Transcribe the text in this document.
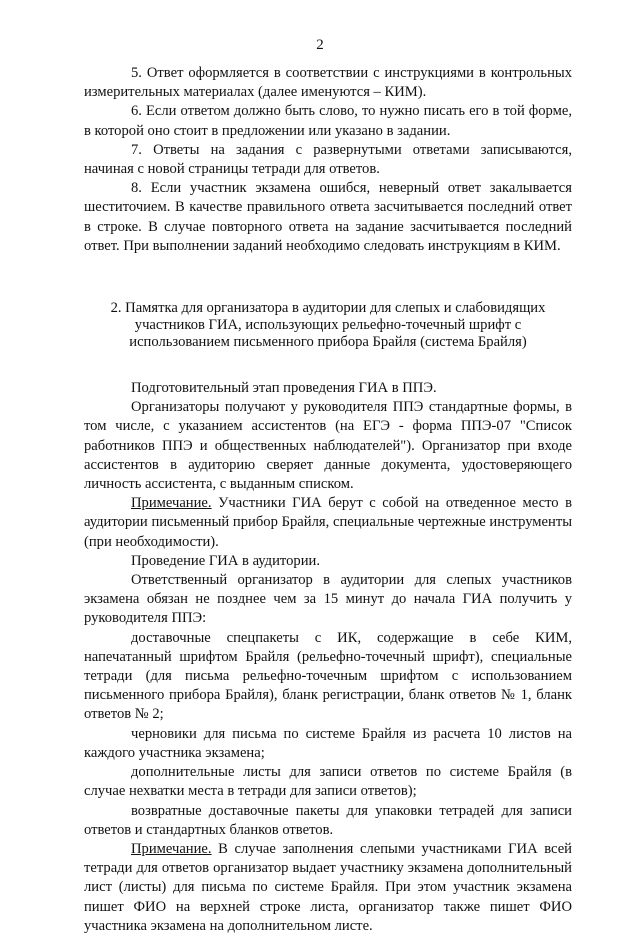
2

5. Ответ оформляется в соответствии с инструкциями в контрольных измерительных материалах (далее именуются – КИМ).

6. Если ответом должно быть слово, то нужно писать его в той форме, в которой оно стоит в предложении или указано в задании.

7. Ответы на задания с развернутыми ответами записываются, начиная с новой страницы тетради для ответов.

8. Если участник экзамена ошибся, неверный ответ закалывается шеститочием. В качестве правильного ответа засчитывается последний ответ в строке. В случае повторного ответа на задание засчитывается последний ответ. При выполнении заданий необходимо следовать инструкциям в КИМ.

2. Памятка для организатора в аудитории для слепых и слабовидящих участников ГИА, использующих рельефно-точечный шрифт с использованием письменного прибора Брайля (система Брайля)

Подготовительный этап проведения ГИА в ППЭ.

Организаторы получают у руководителя ППЭ стандартные формы, в том числе, с указанием ассистентов (на ЕГЭ - форма ППЭ-07 "Список работников ППЭ и общественных наблюдателей"). Организатор при входе ассистентов в аудиторию сверяет данные документа, удостоверяющего личность ассистента, с выданным списком.

Примечание. Участники ГИА берут с собой на отведенное место в аудитории письменный прибор Брайля, специальные чертежные инструменты (при необходимости).

Проведение ГИА в аудитории.

Ответственный организатор в аудитории для слепых участников экзамена обязан не позднее чем за 15 минут до начала ГИА получить у руководителя ППЭ:

доставочные спецпакеты с ИК, содержащие в себе КИМ, напечатанный шрифтом Брайля (рельефно-точечный шрифт), специальные тетради (для письма рельефно-точечным шрифтом с использованием письменного прибора Брайля), бланк регистрации, бланк ответов № 1, бланк ответов № 2;

черновики для письма по системе Брайля из расчета 10 листов на каждого участника экзамена;

дополнительные листы для записи ответов по системе Брайля (в случае нехватки места в тетради для записи ответов);

возвратные доставочные пакеты для упаковки тетрадей для записи ответов и стандартных бланков ответов.

Примечание. В случае заполнения слепыми участниками ГИА всей тетради для ответов организатор выдает участнику экзамена дополнительный лист (листы) для письма по системе Брайля. При этом участник экзамена пишет ФИО на верхней строке листа, организатор также пишет ФИО участника экзамена на дополнительном листе.
